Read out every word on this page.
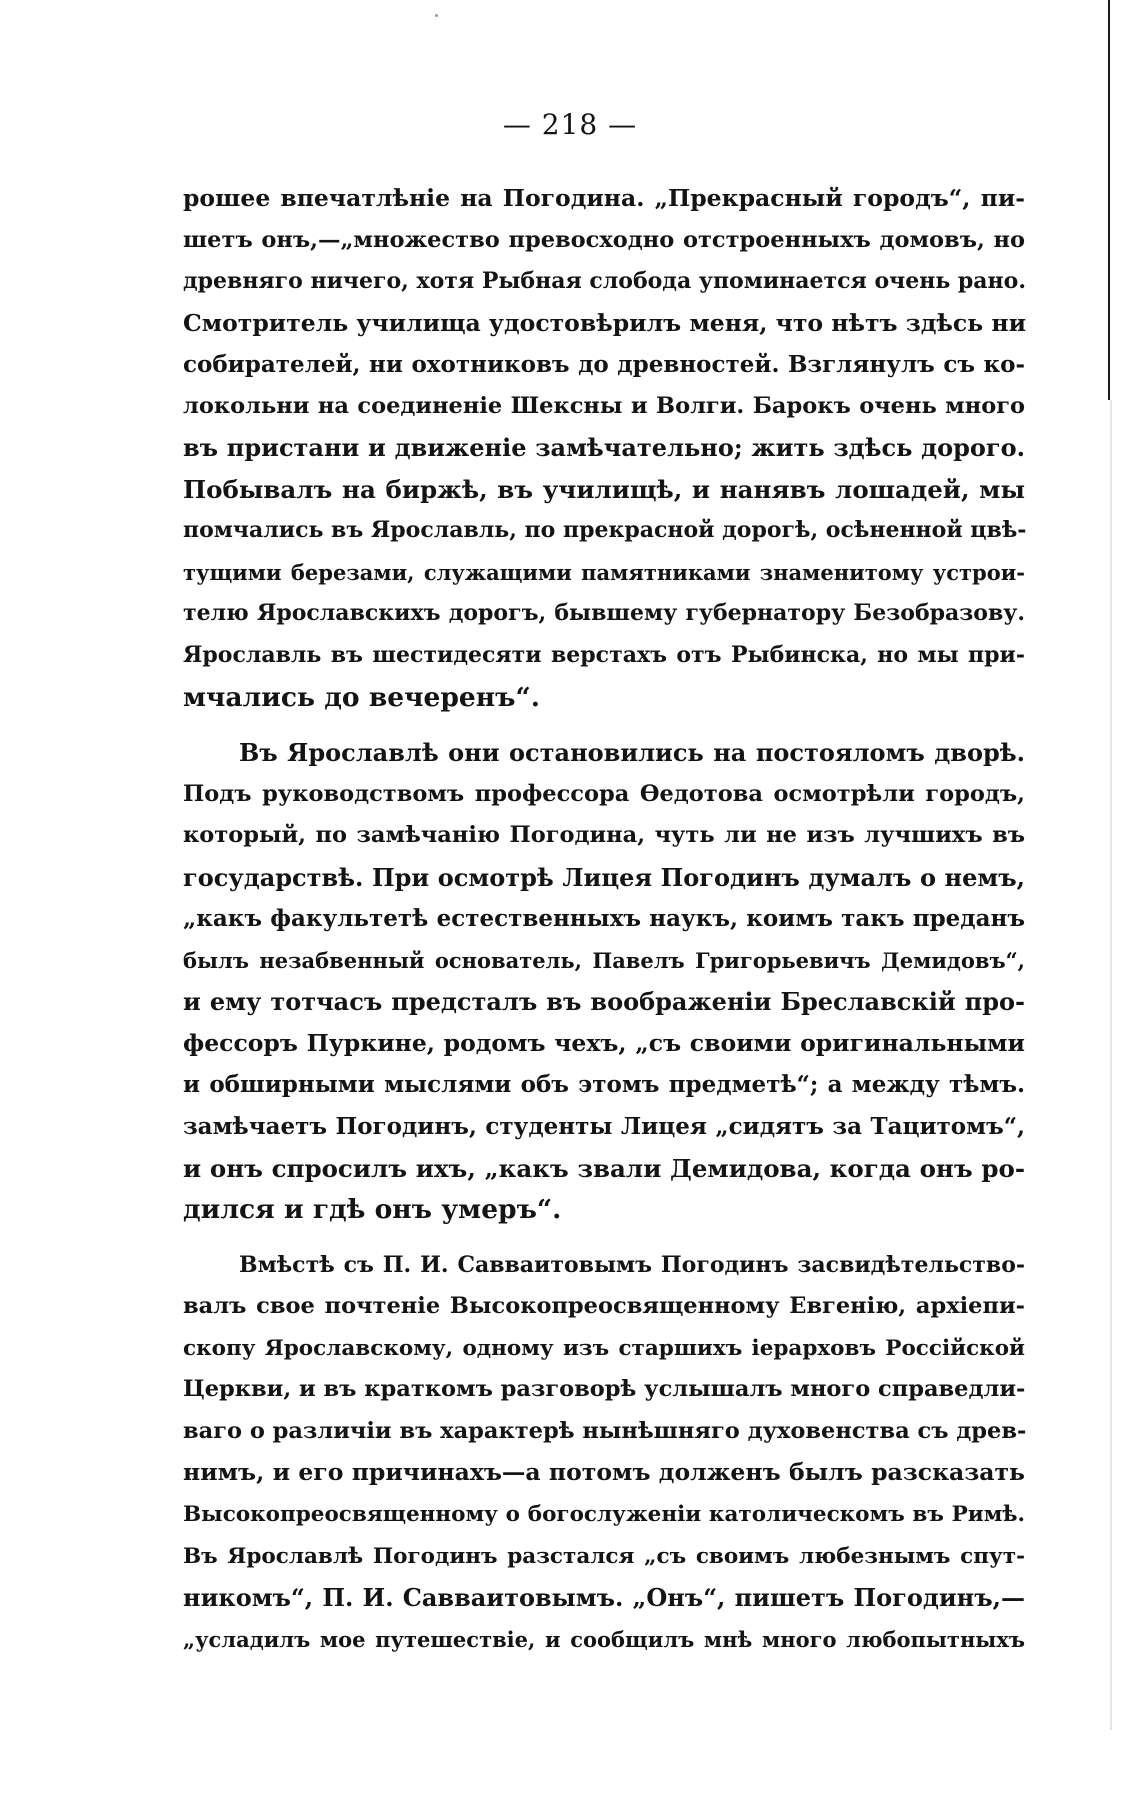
— 218 —
рошее впечатлѣніе на Погодина. „Прекрасный городъ“, пи-
шетъ онъ,—„множество превосходно отстроенныхъ домовъ, но
древняго ничего, хотя Рыбная слобода упоминается очень рано.
Смотритель училища удостовѣрилъ меня, что нѣтъ здѣсь ни
собирателей, ни охотниковъ до древностей. Взглянулъ съ ко-
локольни на соединеніе Шексны и Волги. Барокъ очень много
въ пристани и движеніе замѣчательно; жить здѣсь дорого.
Побывалъ на биржѣ, въ училищѣ, и нанявъ лошадей, мы
помчались въ Ярославль, по прекрасной дорогѣ, осѣненной цвѣ-
тущими березами, служащими памятниками знаменитому устрои-
телю Ярославскихъ дорогъ, бывшему губернатору Безобразову.
Ярославль въ шестидесяти верстахъ отъ Рыбинска, но мы при-
мчались до вечеренъ“.
Въ Ярославлѣ они остановились на постояломъ дворѣ.
Подъ руководствомъ профессора Ѳедотова осмотрѣли городъ,
который, по замѣчанію Погодина, чуть ли не изъ лучшихъ въ
государствѣ. При осмотрѣ Лицея Погодинъ думалъ о немъ,
„какъ факультетѣ естественныхъ наукъ, коимъ такъ преданъ
былъ незабвенный основатель, Павелъ Григорьевичъ Демидовъ“,
и ему тотчасъ предсталъ въ воображеніи Бреславскій про-
фессоръ Пуркине, родомъ чехъ, „съ своими оригинальными
и обширными мыслями объ этомъ предметѣ“; а между тѣмъ.
замѣчаетъ Погодинъ, студенты Лицея „сидятъ за Тацитомъ“,
и онъ спросилъ ихъ, „какъ звали Демидова, когда онъ ро-
дился и гдѣ онъ умеръ“.
Вмѣстѣ съ П. И. Савваитовымъ Погодинъ засвидѣтельство-
валъ свое почтеніе Высокопреосвященному Евгенію, архіепи-
скопу Ярославскому, одному изъ старшихъ іерарховъ Россійской
Церкви, и въ краткомъ разговорѣ услышалъ много справедли-
ваго о различіи въ характерѣ нынѣшняго духовенства съ древ-
нимъ, и его причинахъ—а потомъ долженъ былъ разсказать
Высокопреосвященному о богослуженіи католическомъ въ Римѣ.
Въ Ярославлѣ Погодинъ разстался „съ своимъ любезнымъ спут-
никомъ“, П. И. Савваитовымъ. „Онъ“, пишетъ Погодинъ,—
„усладилъ мое путешествіе, и сообщилъ мнѣ много любопытныхъ
